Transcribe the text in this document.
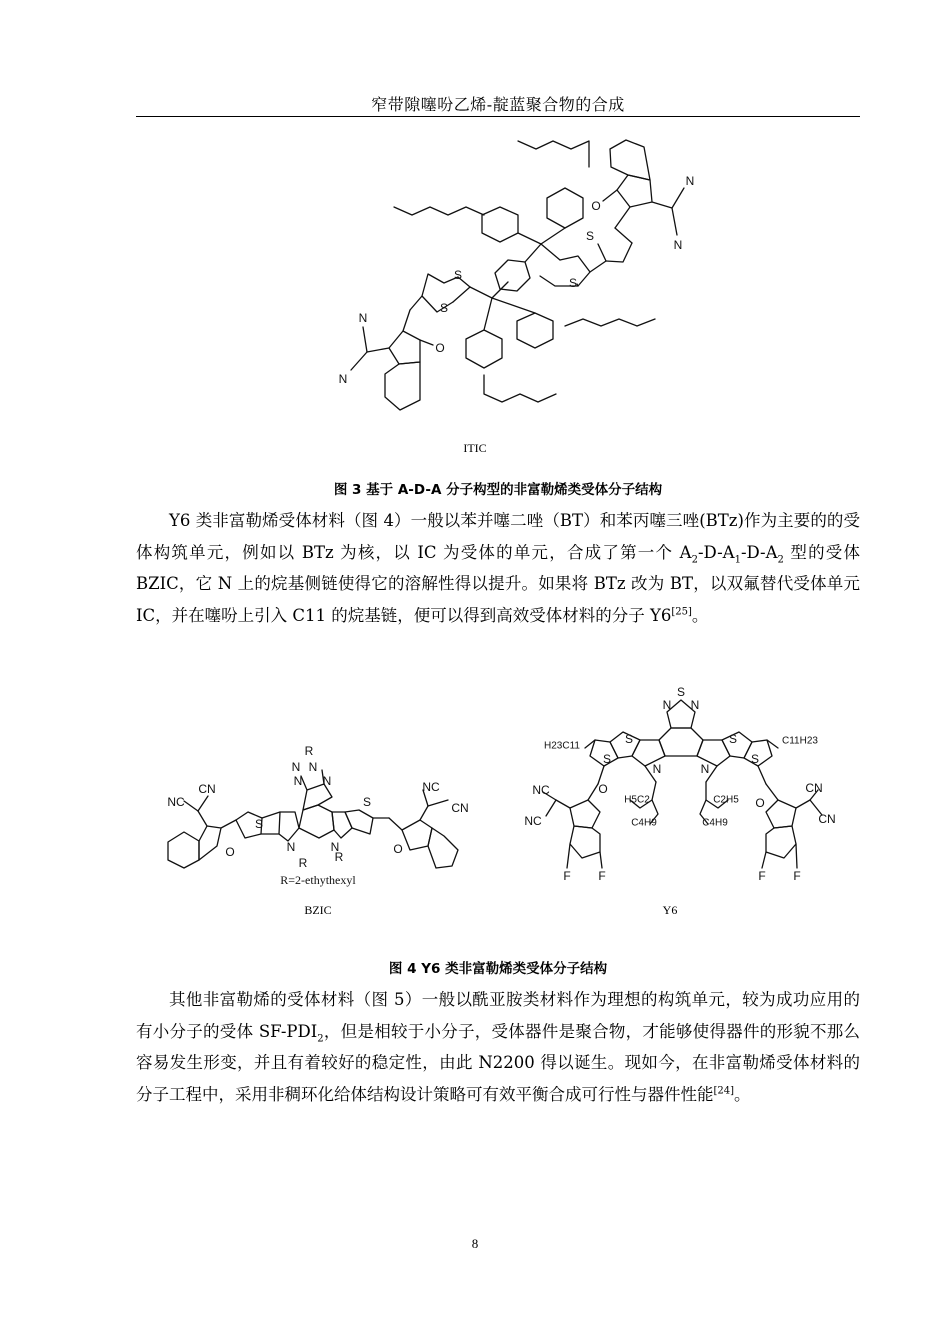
窄带隙噻吩乙烯-靛蓝聚合物的合成
S
S
S
S
O
O
N
N
N
N
ITIC
图 3 基于 A-D-A 分子构型的非富勒烯类受体分子结构
Y6 类非富勒烯受体材料（图 4）一般以苯并噻二唑（BT）和苯丙噻三唑(BTz)作为主要的的受体构筑单元，例如以 BTz 为核，以 IC 为受体的单元，合成了第一个 $A_2-D-A_1-D-A_2$ 型的受体 BZIC，它 N 上的烷基侧链使得它的溶解性得以提升。如果将 BTz 改为 BT，以双氟替代受体单元 IC，并在噻吩上引入 C11 的烷基链，便可以得到高效受体材料的分子 Y6[25]。
R
N N
N N
CN
NC
O
S
S
N
R
N
R
NC
CN
O
R=2-ethythexyl
BZIC
S
N N
S	S
S	S
N	N
H23C11	C11H23
H5C2	C2H5
C4H9	C4H9
NC
NC
O
O
CN
CN
F F	F F
Y6
图 4 Y6 类非富勒烯类受体分子结构
其他非富勒烯的受体材料（图 5）一般以酰亚胺类材料作为理想的构筑单元，较为成功应用的有小分子的受体 $SF-PDI_2$，但是相较于小分子，受体器件是聚合物，才能够使得器件的形貌不那么容易发生形变，并且有着较好的稳定性，由此 N2200 得以诞生。现如今，在非富勒烯受体材料的分子工程中，采用非稠环化给体结构设计策略可有效平衡合成可行性与器件性能[24]。
8
